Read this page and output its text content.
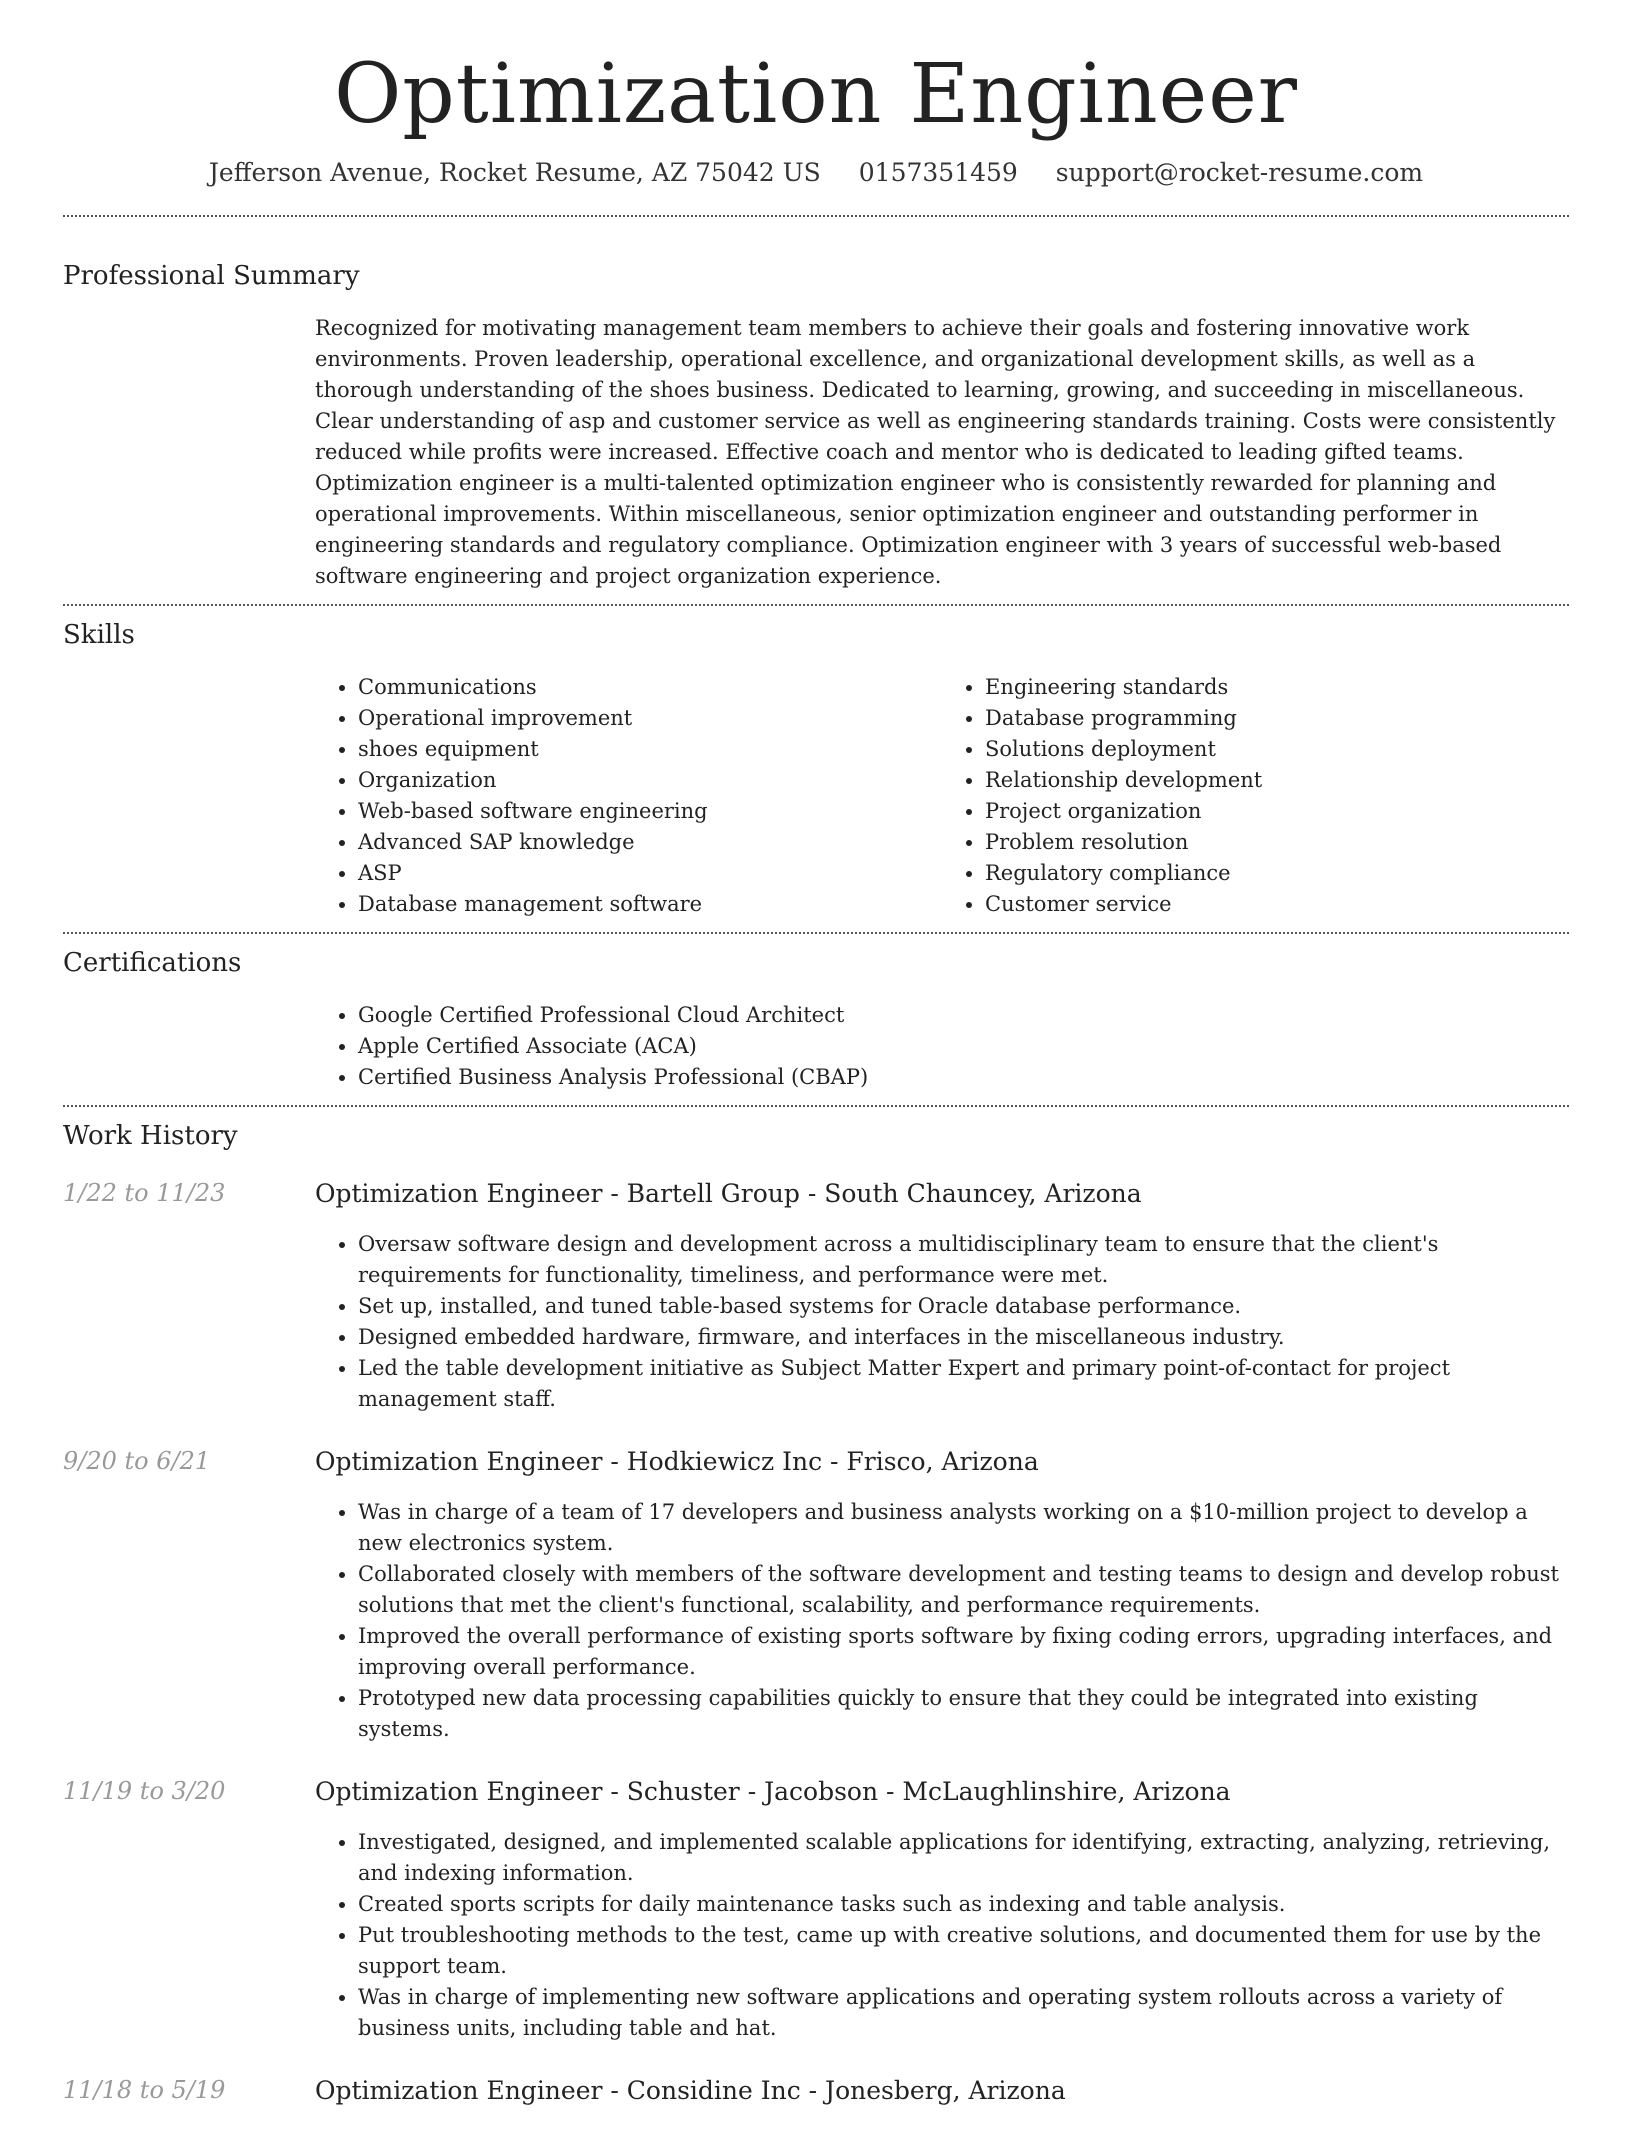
Optimization Engineer
Jefferson Avenue, Rocket Resume, AZ 75042 US 0157351459 support@rocket-resume.com
Professional Summary
Recognized for motivating management team members to achieve their goals and fostering innovative work environments. Proven leadership, operational excellence, and organizational development skills, as well as a thorough understanding of the shoes business. Dedicated to learning, growing, and succeeding in miscellaneous. Clear understanding of asp and customer service as well as engineering standards training. Costs were consistently reduced while profits were increased. Effective coach and mentor who is dedicated to leading gifted teams. Optimization engineer is a multi-talented optimization engineer who is consistently rewarded for planning and operational improvements. Within miscellaneous, senior optimization engineer and outstanding performer in engineering standards and regulatory compliance. Optimization engineer with 3 years of successful web-based software engineering and project organization experience.
Skills
• Communications
• Operational improvement
• shoes equipment
• Organization
• Web-based software engineering
• Advanced SAP knowledge
• ASP
• Database management software
• Engineering standards
• Database programming
• Solutions deployment
• Relationship development
• Project organization
• Problem resolution
• Regulatory compliance
• Customer service
Certifications
• Google Certified Professional Cloud Architect
• Apple Certified Associate (ACA)
• Certified Business Analysis Professional (CBAP)
Work History
1/22 to 11/23	Optimization Engineer - Bartell Group - South Chauncey, Arizona
• Oversaw software design and development across a multidisciplinary team to ensure that the client's requirements for functionality, timeliness, and performance were met.
• Set up, installed, and tuned table-based systems for Oracle database performance.
• Designed embedded hardware, firmware, and interfaces in the miscellaneous industry.
• Led the table development initiative as Subject Matter Expert and primary point-of-contact for project management staff.
9/20 to 6/21	Optimization Engineer - Hodkiewicz Inc - Frisco, Arizona
• Was in charge of a team of 17 developers and business analysts working on a $10-million project to develop a new electronics system.
• Collaborated closely with members of the software development and testing teams to design and develop robust solutions that met the client's functional, scalability, and performance requirements.
• Improved the overall performance of existing sports software by fixing coding errors, upgrading interfaces, and improving overall performance.
• Prototyped new data processing capabilities quickly to ensure that they could be integrated into existing systems.
11/19 to 3/20	Optimization Engineer - Schuster - Jacobson - McLaughlinshire, Arizona
• Investigated, designed, and implemented scalable applications for identifying, extracting, analyzing, retrieving, and indexing information.
• Created sports scripts for daily maintenance tasks such as indexing and table analysis.
• Put troubleshooting methods to the test, came up with creative solutions, and documented them for use by the support team.
• Was in charge of implementing new software applications and operating system rollouts across a variety of business units, including table and hat.
11/18 to 5/19	Optimization Engineer - Considine Inc - Jonesberg, Arizona
